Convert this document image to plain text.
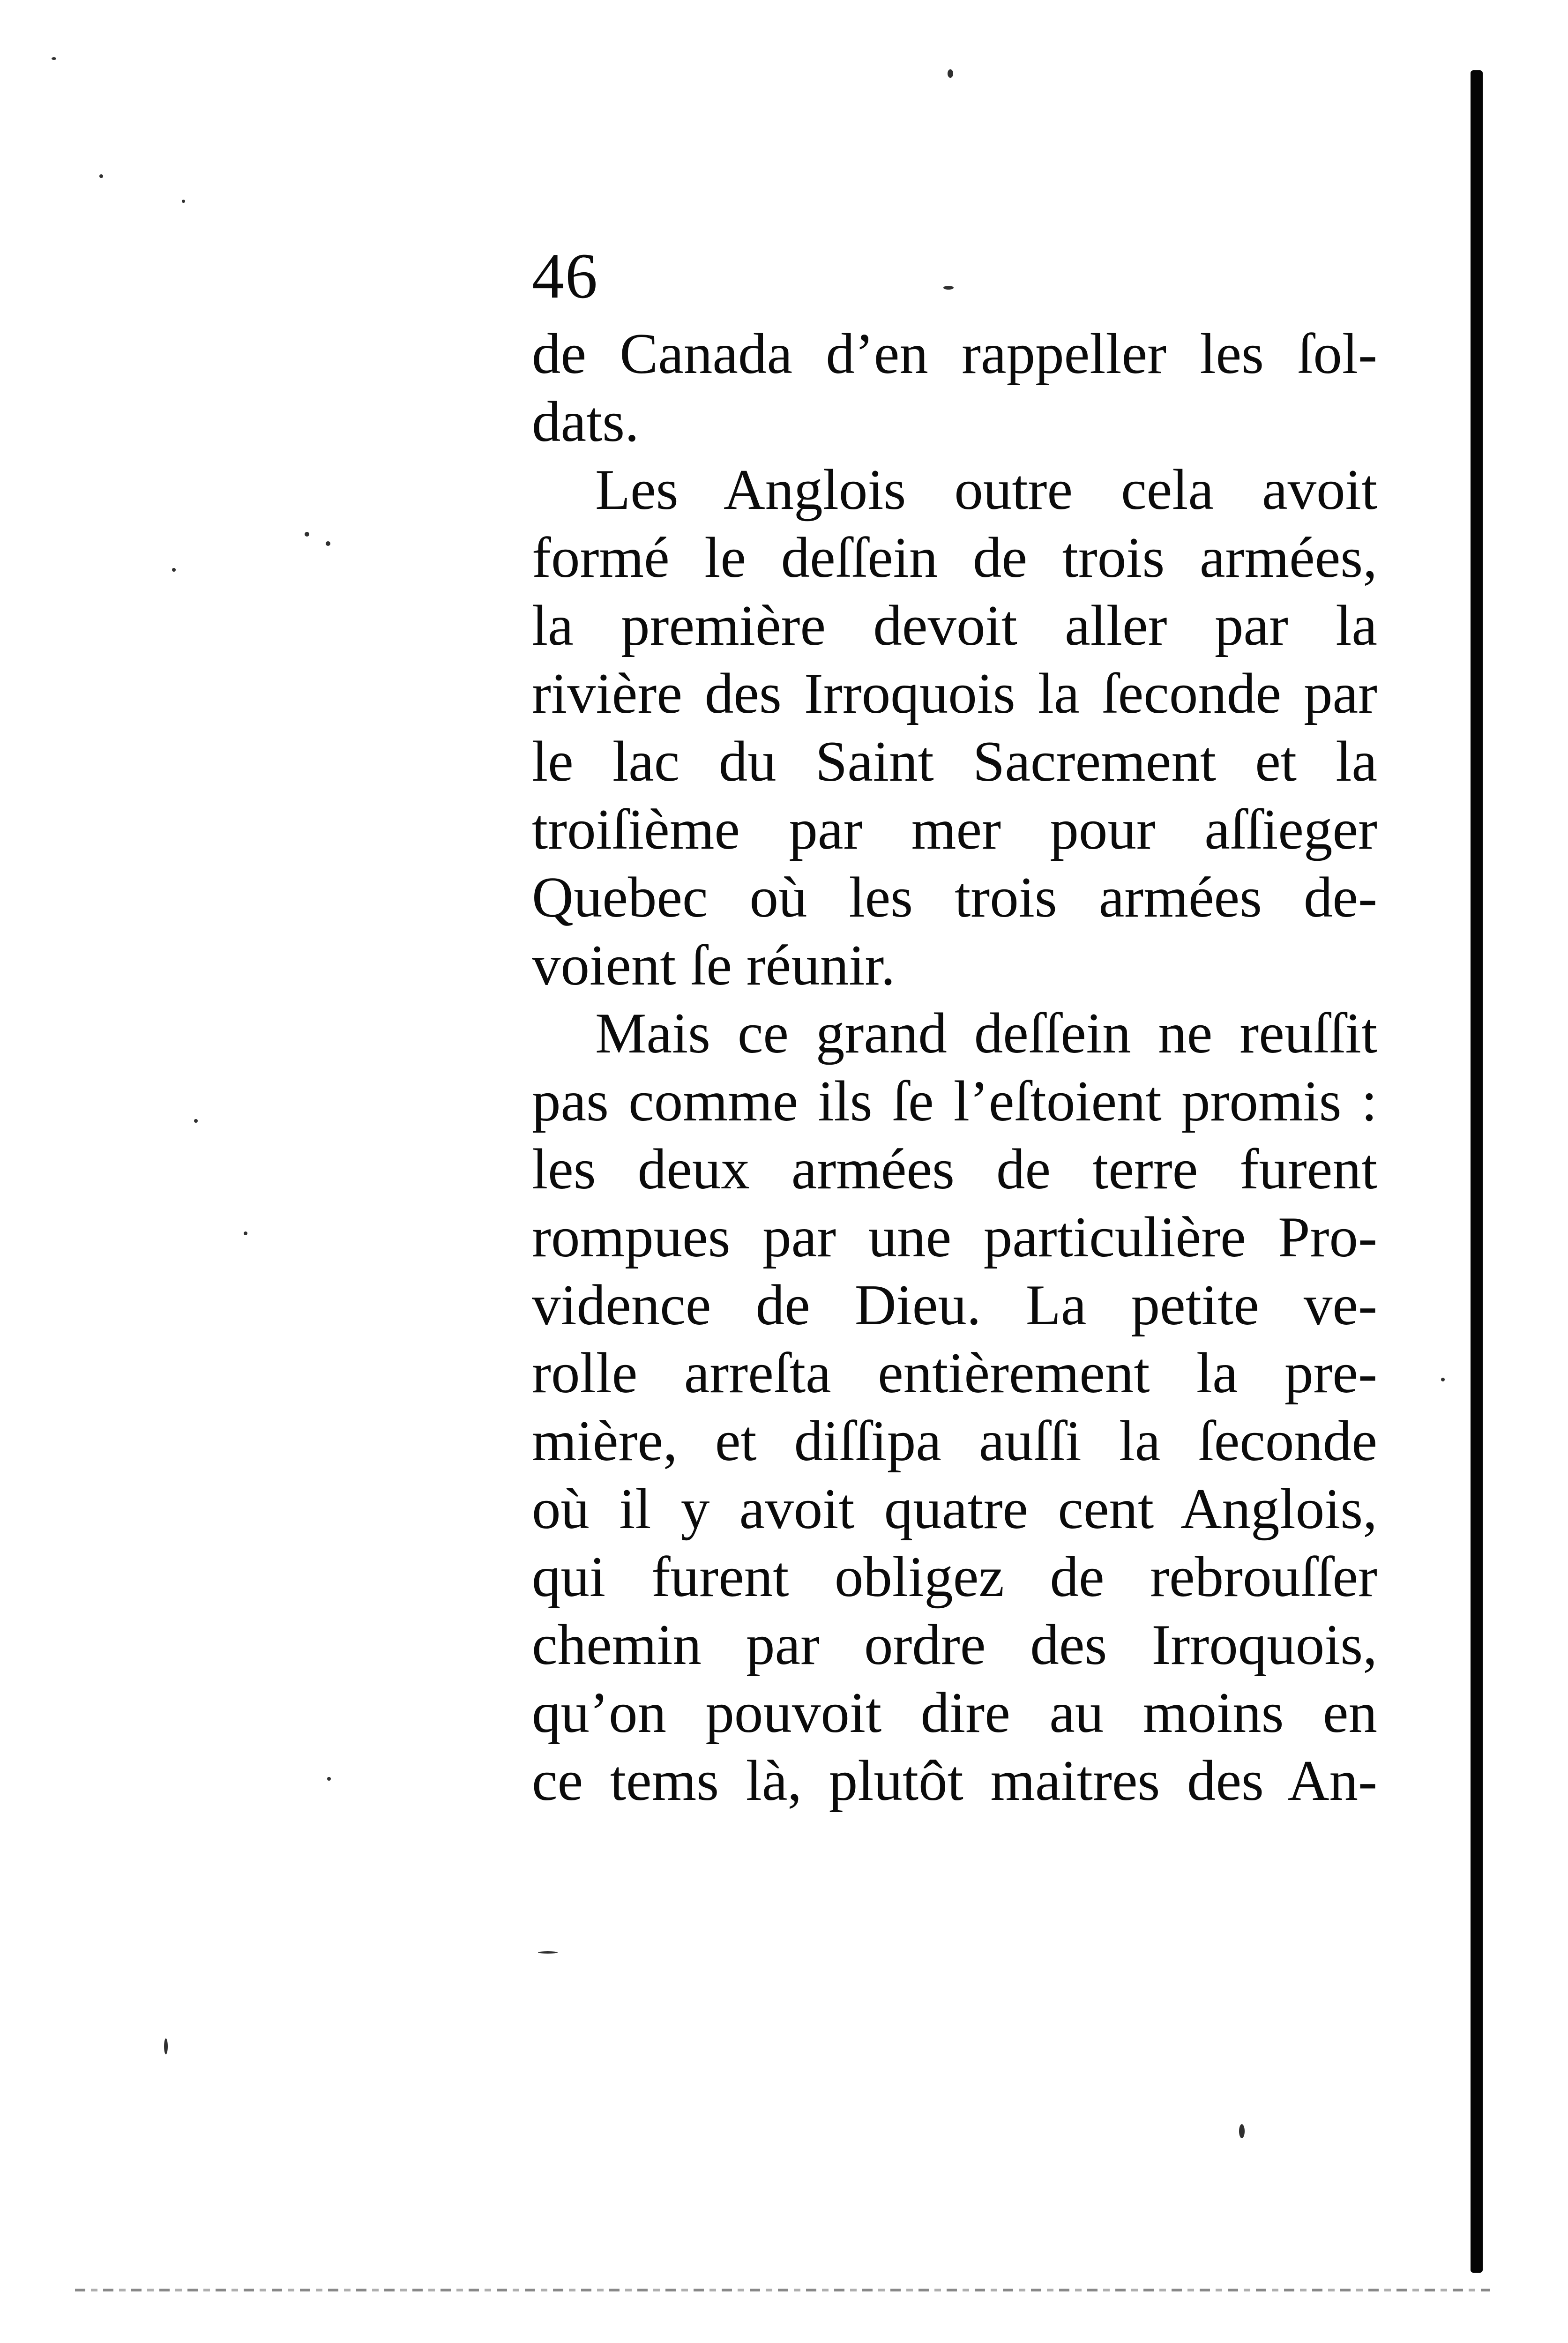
46
de Canada d’en rappeller les ſol-
dats.
Les Anglois outre cela avoit
formé le deſſein de trois armées,
la première devoit aller par la
rivière des Irroquois la ſeconde par
le lac du Saint Sacrement et la
troiſième par mer pour aſſieger
Quebec où les trois armées de-
voient ſe réunir.
Mais ce grand deſſein ne reuſſit
pas comme ils ſe l’eſtoient promis :
les deux armées de terre furent
rompues par une particulière Pro-
vidence de Dieu. La petite ve-
rolle arreſta entièrement la pre-
mière, et diſſipa auſſi la ſeconde
où il y avoit quatre cent Anglois,
qui furent obligez de rebrouſſer
chemin par ordre des Irroquois,
qu’on pouvoit dire au moins en
ce tems là, plutôt maitres des An-
